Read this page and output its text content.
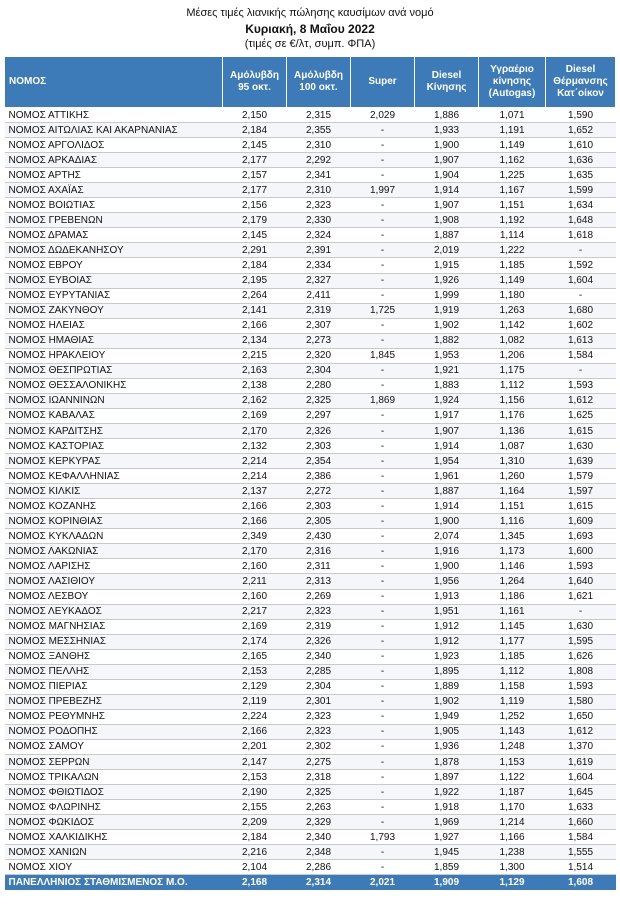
Μέσες τιμές λιανικής πώλησης καυσίμων ανά νομό
Κυριακή, 8 Μαΐου 2022
(τιμές σε €/λτ, συμπ. ΦΠΑ)
ΝΟΜΟΣ	Αμόλυβδη 95 οκτ.	Αμόλυβδη 100 οκτ.	Super	Diesel Κίνησης	Υγραέριο κίνησης (Autogas)	Diesel Θέρμανσης Κατ΄οίκον
ΝΟΜΟΣ ΑΤΤΙΚΗΣ	2,150	2,315	2,029	1,886	1,071	1,590
ΝΟΜΟΣ ΑΙΤΩΛΙΑΣ ΚΑΙ ΑΚΑΡΝΑΝΙΑΣ	2,184	2,355	-	1,933	1,191	1,652
ΝΟΜΟΣ ΑΡΓΟΛΙΔΟΣ	2,145	2,310	-	1,900	1,149	1,610
ΝΟΜΟΣ ΑΡΚΑΔΙΑΣ	2,177	2,292	-	1,907	1,162	1,636
ΝΟΜΟΣ ΑΡΤΗΣ	2,157	2,341	-	1,904	1,225	1,635
ΝΟΜΟΣ ΑΧΑΪΑΣ	2,177	2,310	1,997	1,914	1,167	1,599
ΝΟΜΟΣ ΒΟΙΩΤΙΑΣ	2,156	2,323	-	1,907	1,151	1,634
ΝΟΜΟΣ ΓΡΕΒΕΝΩΝ	2,179	2,330	-	1,908	1,192	1,648
ΝΟΜΟΣ ΔΡΑΜΑΣ	2,145	2,324	-	1,887	1,114	1,618
ΝΟΜΟΣ ΔΩΔΕΚΑΝΗΣΟΥ	2,291	2,391	-	2,019	1,222	-
ΝΟΜΟΣ ΕΒΡΟΥ	2,184	2,334	-	1,915	1,185	1,592
ΝΟΜΟΣ ΕΥΒΟΙΑΣ	2,195	2,327	-	1,926	1,149	1,604
ΝΟΜΟΣ ΕΥΡΥΤΑΝΙΑΣ	2,264	2,411	-	1,999	1,180	-
ΝΟΜΟΣ ΖΑΚΥΝΘΟΥ	2,141	2,319	1,725	1,919	1,263	1,680
ΝΟΜΟΣ ΗΛΕΙΑΣ	2,166	2,307	-	1,902	1,142	1,602
ΝΟΜΟΣ ΗΜΑΘΙΑΣ	2,134	2,273	-	1,882	1,082	1,613
ΝΟΜΟΣ ΗΡΑΚΛΕΙΟΥ	2,215	2,320	1,845	1,953	1,206	1,584
ΝΟΜΟΣ ΘΕΣΠΡΩΤΙΑΣ	2,163	2,304	-	1,921	1,175	-
ΝΟΜΟΣ ΘΕΣΣΑΛΟΝΙΚΗΣ	2,138	2,280	-	1,883	1,112	1,593
ΝΟΜΟΣ ΙΩΑΝΝΙΝΩΝ	2,162	2,325	1,869	1,924	1,156	1,612
ΝΟΜΟΣ ΚΑΒΑΛΑΣ	2,169	2,297	-	1,917	1,176	1,625
ΝΟΜΟΣ ΚΑΡΔΙΤΣΗΣ	2,170	2,326	-	1,907	1,136	1,615
ΝΟΜΟΣ ΚΑΣΤΟΡΙΑΣ	2,132	2,303	-	1,914	1,087	1,630
ΝΟΜΟΣ ΚΕΡΚΥΡΑΣ	2,214	2,354	-	1,954	1,310	1,639
ΝΟΜΟΣ ΚΕΦΑΛΛΗΝΙΑΣ	2,214	2,386	-	1,961	1,260	1,579
ΝΟΜΟΣ ΚΙΛΚΙΣ	2,137	2,272	-	1,887	1,164	1,597
ΝΟΜΟΣ ΚΟΖΑΝΗΣ	2,166	2,303	-	1,914	1,151	1,615
ΝΟΜΟΣ ΚΟΡΙΝΘΙΑΣ	2,166	2,305	-	1,900	1,116	1,609
ΝΟΜΟΣ ΚΥΚΛΑΔΩΝ	2,349	2,430	-	2,074	1,345	1,693
ΝΟΜΟΣ ΛΑΚΩΝΙΑΣ	2,170	2,316	-	1,916	1,173	1,600
ΝΟΜΟΣ ΛΑΡΙΣΗΣ	2,160	2,311	-	1,900	1,146	1,593
ΝΟΜΟΣ ΛΑΣΙΘΙΟΥ	2,211	2,313	-	1,956	1,264	1,640
ΝΟΜΟΣ ΛΕΣΒΟΥ	2,160	2,269	-	1,913	1,186	1,621
ΝΟΜΟΣ ΛΕΥΚΑΔΟΣ	2,217	2,323	-	1,951	1,161	-
ΝΟΜΟΣ ΜΑΓΝΗΣΙΑΣ	2,169	2,319	-	1,912	1,145	1,630
ΝΟΜΟΣ ΜΕΣΣΗΝΙΑΣ	2,174	2,326	-	1,912	1,177	1,595
ΝΟΜΟΣ ΞΑΝΘΗΣ	2,165	2,340	-	1,923	1,185	1,626
ΝΟΜΟΣ ΠΕΛΛΗΣ	2,153	2,285	-	1,895	1,112	1,808
ΝΟΜΟΣ ΠΙΕΡΙΑΣ	2,129	2,304	-	1,889	1,158	1,593
ΝΟΜΟΣ ΠΡΕΒΕΖΗΣ	2,119	2,301	-	1,902	1,119	1,580
ΝΟΜΟΣ ΡΕΘΥΜΝΗΣ	2,224	2,323	-	1,949	1,252	1,650
ΝΟΜΟΣ ΡΟΔΟΠΗΣ	2,166	2,323	-	1,905	1,143	1,612
ΝΟΜΟΣ ΣΑΜΟΥ	2,201	2,302	-	1,936	1,248	1,370
ΝΟΜΟΣ ΣΕΡΡΩΝ	2,147	2,275	-	1,878	1,153	1,619
ΝΟΜΟΣ ΤΡΙΚΑΛΩΝ	2,153	2,318	-	1,897	1,122	1,604
ΝΟΜΟΣ ΦΘΙΩΤΙΔΟΣ	2,190	2,325	-	1,922	1,187	1,645
ΝΟΜΟΣ ΦΛΩΡΙΝΗΣ	2,155	2,263	-	1,918	1,170	1,633
ΝΟΜΟΣ ΦΩΚΙΔΟΣ	2,209	2,329	-	1,969	1,214	1,660
ΝΟΜΟΣ ΧΑΛΚΙΔΙΚΗΣ	2,184	2,340	1,793	1,927	1,166	1,584
ΝΟΜΟΣ ΧΑΝΙΩΝ	2,216	2,348	-	1,945	1,238	1,555
ΝΟΜΟΣ ΧΙΟΥ	2,104	2,286	-	1,859	1,300	1,514
ΠΑΝΕΛΛΗΝΙΟΣ ΣΤΑΘΜΙΣΜΕΝΟΣ Μ.Ο.	2,168	2,314	2,021	1,909	1,129	1,608
